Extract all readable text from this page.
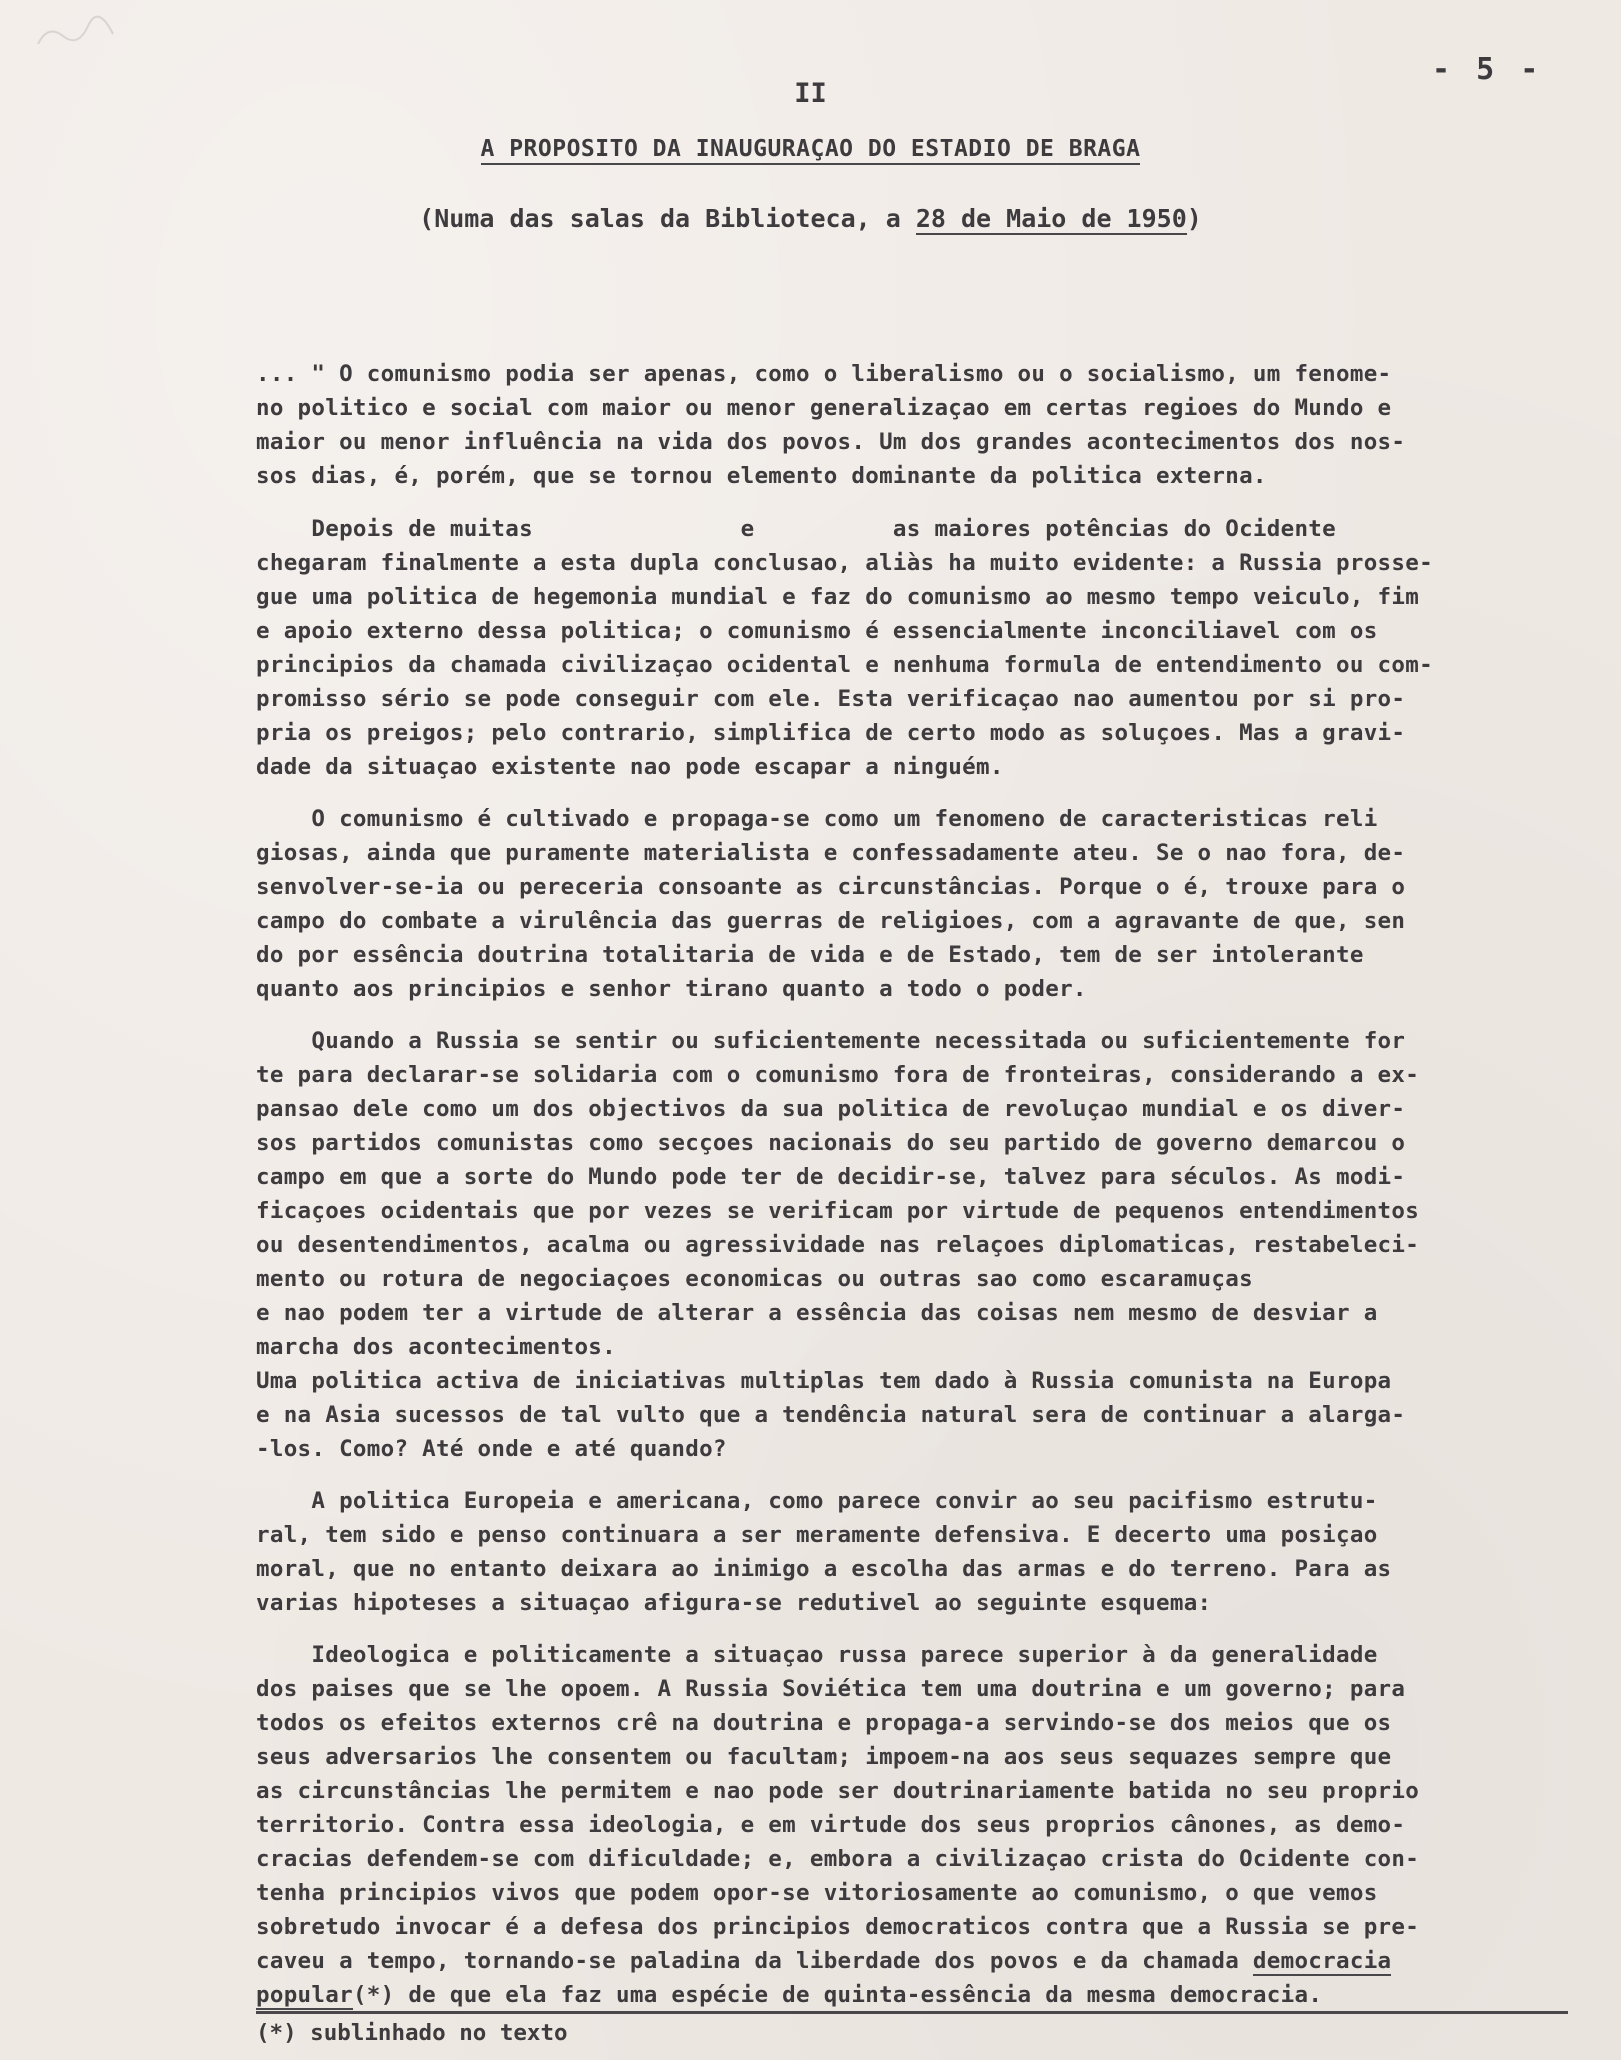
- 5 -
II
A PROPOSITO DA INAUGURAÇAO DO ESTADIO DE BRAGA
(Numa das salas da Biblioteca, a 28 de Maio de 1950)
... " O comunismo podia ser apenas, como o liberalismo ou o socialismo, um fenome-
no politico e social com maior ou menor generalizaçao em certas regioes do Mundo e
maior ou menor influência na vida dos povos. Um dos grandes acontecimentos dos nos-
sos dias, é, porém, que se tornou elemento dominante da politica externa.
Depois de muitas               e          as maiores potências do Ocidente
chegaram finalmente a esta dupla conclusao, aliàs ha muito evidente: a Russia prosse-
gue uma politica de hegemonia mundial e faz do comunismo ao mesmo tempo veiculo, fim
e apoio externo dessa politica; o comunismo é essencialmente inconciliavel com os
principios da chamada civilizaçao ocidental e nenhuma formula de entendimento ou com-
promisso sério se pode conseguir com ele. Esta verificaçao nao aumentou por si pro-
pria os preigos; pelo contrario, simplifica de certo modo as soluçoes. Mas a gravi-
dade da situaçao existente nao pode escapar a ninguém.
O comunismo é cultivado e propaga-se como um fenomeno de caracteristicas reli
giosas, ainda que puramente materialista e confessadamente ateu. Se o nao fora, de-
senvolver-se-ia ou pereceria consoante as circunstâncias. Porque o é, trouxe para o
campo do combate a virulência das guerras de religioes, com a agravante de que, sen
do por essência doutrina totalitaria de vida e de Estado, tem de ser intolerante
quanto aos principios e senhor tirano quanto a todo o poder.
Quando a Russia se sentir ou suficientemente necessitada ou suficientemente for
te para declarar-se solidaria com o comunismo fora de fronteiras, considerando a ex-
pansao dele como um dos objectivos da sua politica de revoluçao mundial e os diver-
sos partidos comunistas como secçoes nacionais do seu partido de governo demarcou o
campo em que a sorte do Mundo pode ter de decidir-se, talvez para séculos. As modi-
ficaçoes ocidentais que por vezes se verificam por virtude de pequenos entendimentos
ou desentendimentos, acalma ou agressividade nas relaçoes diplomaticas, restabeleci-
mento ou rotura de negociaçoes economicas ou outras sao como escaramuças
e nao podem ter a virtude de alterar a essência das coisas nem mesmo de desviar a
marcha dos acontecimentos.
Uma politica activa de iniciativas multiplas tem dado à Russia comunista na Europa
e na Asia sucessos de tal vulto que a tendência natural sera de continuar a alarga-
-los. Como? Até onde e até quando?
A politica Europeia e americana, como parece convir ao seu pacifismo estrutu-
ral, tem sido e penso continuara a ser meramente defensiva. E decerto uma posiçao
moral, que no entanto deixara ao inimigo a escolha das armas e do terreno. Para as
varias hipoteses a situaçao afigura-se redutivel ao seguinte esquema:
Ideologica e politicamente a situaçao russa parece superior à da generalidade
dos paises que se lhe opoem. A Russia Soviética tem uma doutrina e um governo; para
todos os efeitos externos crê na doutrina e propaga-a servindo-se dos meios que os
seus adversarios lhe consentem ou facultam; impoem-na aos seus sequazes sempre que
as circunstâncias lhe permitem e nao pode ser doutrinariamente batida no seu proprio
territorio. Contra essa ideologia, e em virtude dos seus proprios cânones, as demo-
cracias defendem-se com dificuldade; e, embora a civilizaçao crista do Ocidente con-
tenha principios vivos que podem opor-se vitoriosamente ao comunismo, o que vemos
sobretudo invocar é a defesa dos principios democraticos contra que a Russia se pre-
caveu a tempo, tornando-se paladina da liberdade dos povos e da chamada democracia
popular(*) de que ela faz uma espécie de quinta-essência da mesma democracia.
(*) sublinhado no texto
